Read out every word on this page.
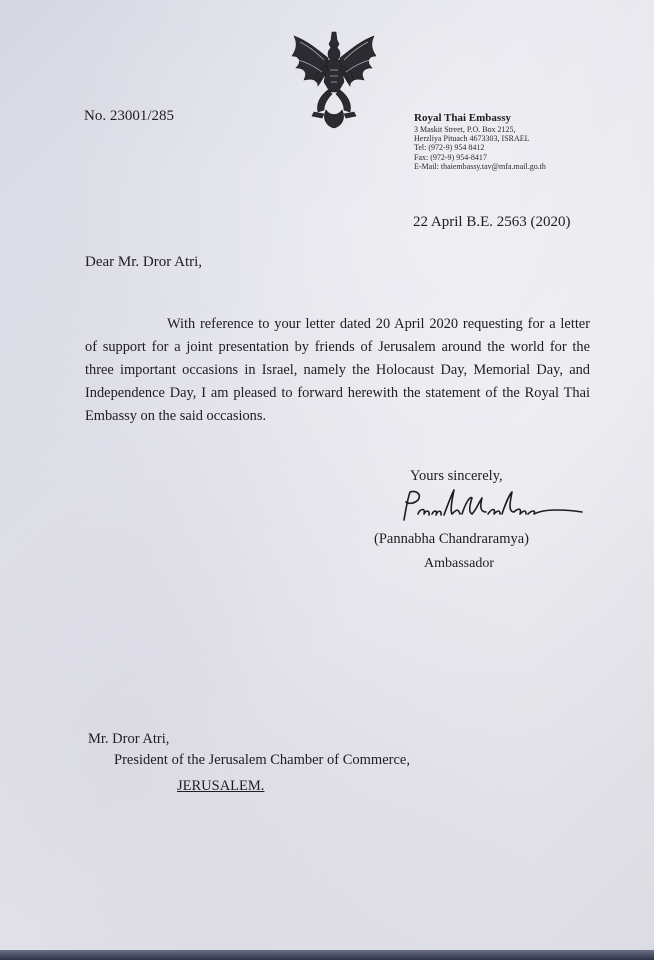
No. 23001/285	Royal Thai Embassy
3 Maskit Street, P.O. Box 2125,
Herzliya Pituach 4673303, ISRAEL
Tel: (972-9) 954 8412
Fax: (972-9) 954-8417
E-Mail: thaiembassy.tav@mfa.mail.go.th
22 April B.E. 2563 (2020)
Dear Mr. Dror Atri,
With reference to your letter dated 20 April 2020 requesting for a letter of support for a joint presentation by friends of Jerusalem around the world for the three important occasions in Israel, namely the Holocaust Day, Memorial Day, and Independence Day, I am pleased to forward herewith the statement of the Royal Thai Embassy on the said occasions.
Yours sincerely,
(Pannabha Chandraramya)
Ambassador
Mr. Dror Atri,
President of the Jerusalem Chamber of Commerce,
JERUSALEM.
